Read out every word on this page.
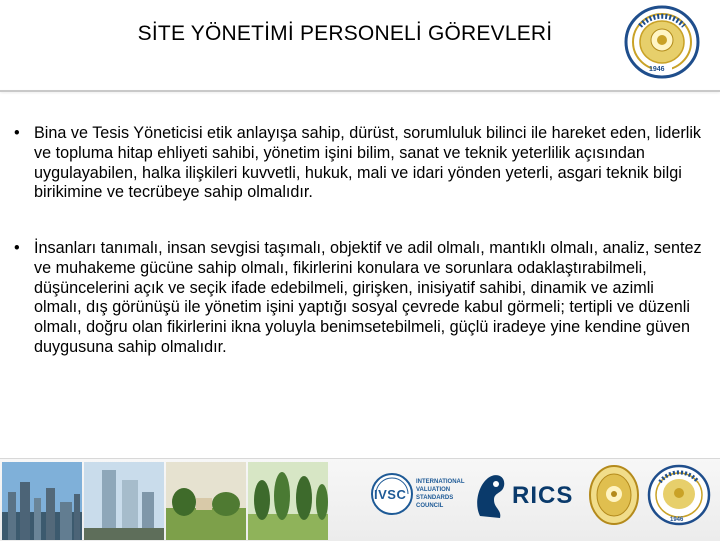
SİTE YÖNETİMİ PERSONELİ GÖREVLERİ
1946
• Bina ve Tesis Yöneticisi etik anlayışa sahip, dürüst, sorumluluk bilinci ile hareket eden, liderlik ve topluma hitap ehliyeti sahibi, yönetim işini bilim, sanat ve teknik yeterlilik açısından uygulayabilen, halka ilişkileri kuvvetli, hukuk, mali ve idari yönden yeterli, asgari teknik bilgi birikimine ve tecrübeye sahip olmalıdır.
• İnsanları tanımalı, insan sevgisi taşımalı, objektif ve adil olmalı, mantıklı olmalı, analiz, sentez ve muhakeme gücüne sahip olmalı, fikirlerini konulara ve sorunlara odaklaştırabilmeli, düşüncelerini açık ve seçik ifade edebilmeli, girişken, inisiyatif sahibi, dinamik ve azimli olmalı, dış görünüşü ile yönetim işini yaptığı sosyal çevrede kabul görmeli; tertipli ve düzenli olmalı, doğru olan fikirlerini ikna yoluyla benimsetebilmeli, güçlü iradeye yine kendine güven duygusuna sahip olmalıdır.
IVSC
INTERNATIONAL
VALUATION
STANDARDS
COUNCIL	RICS
1946
